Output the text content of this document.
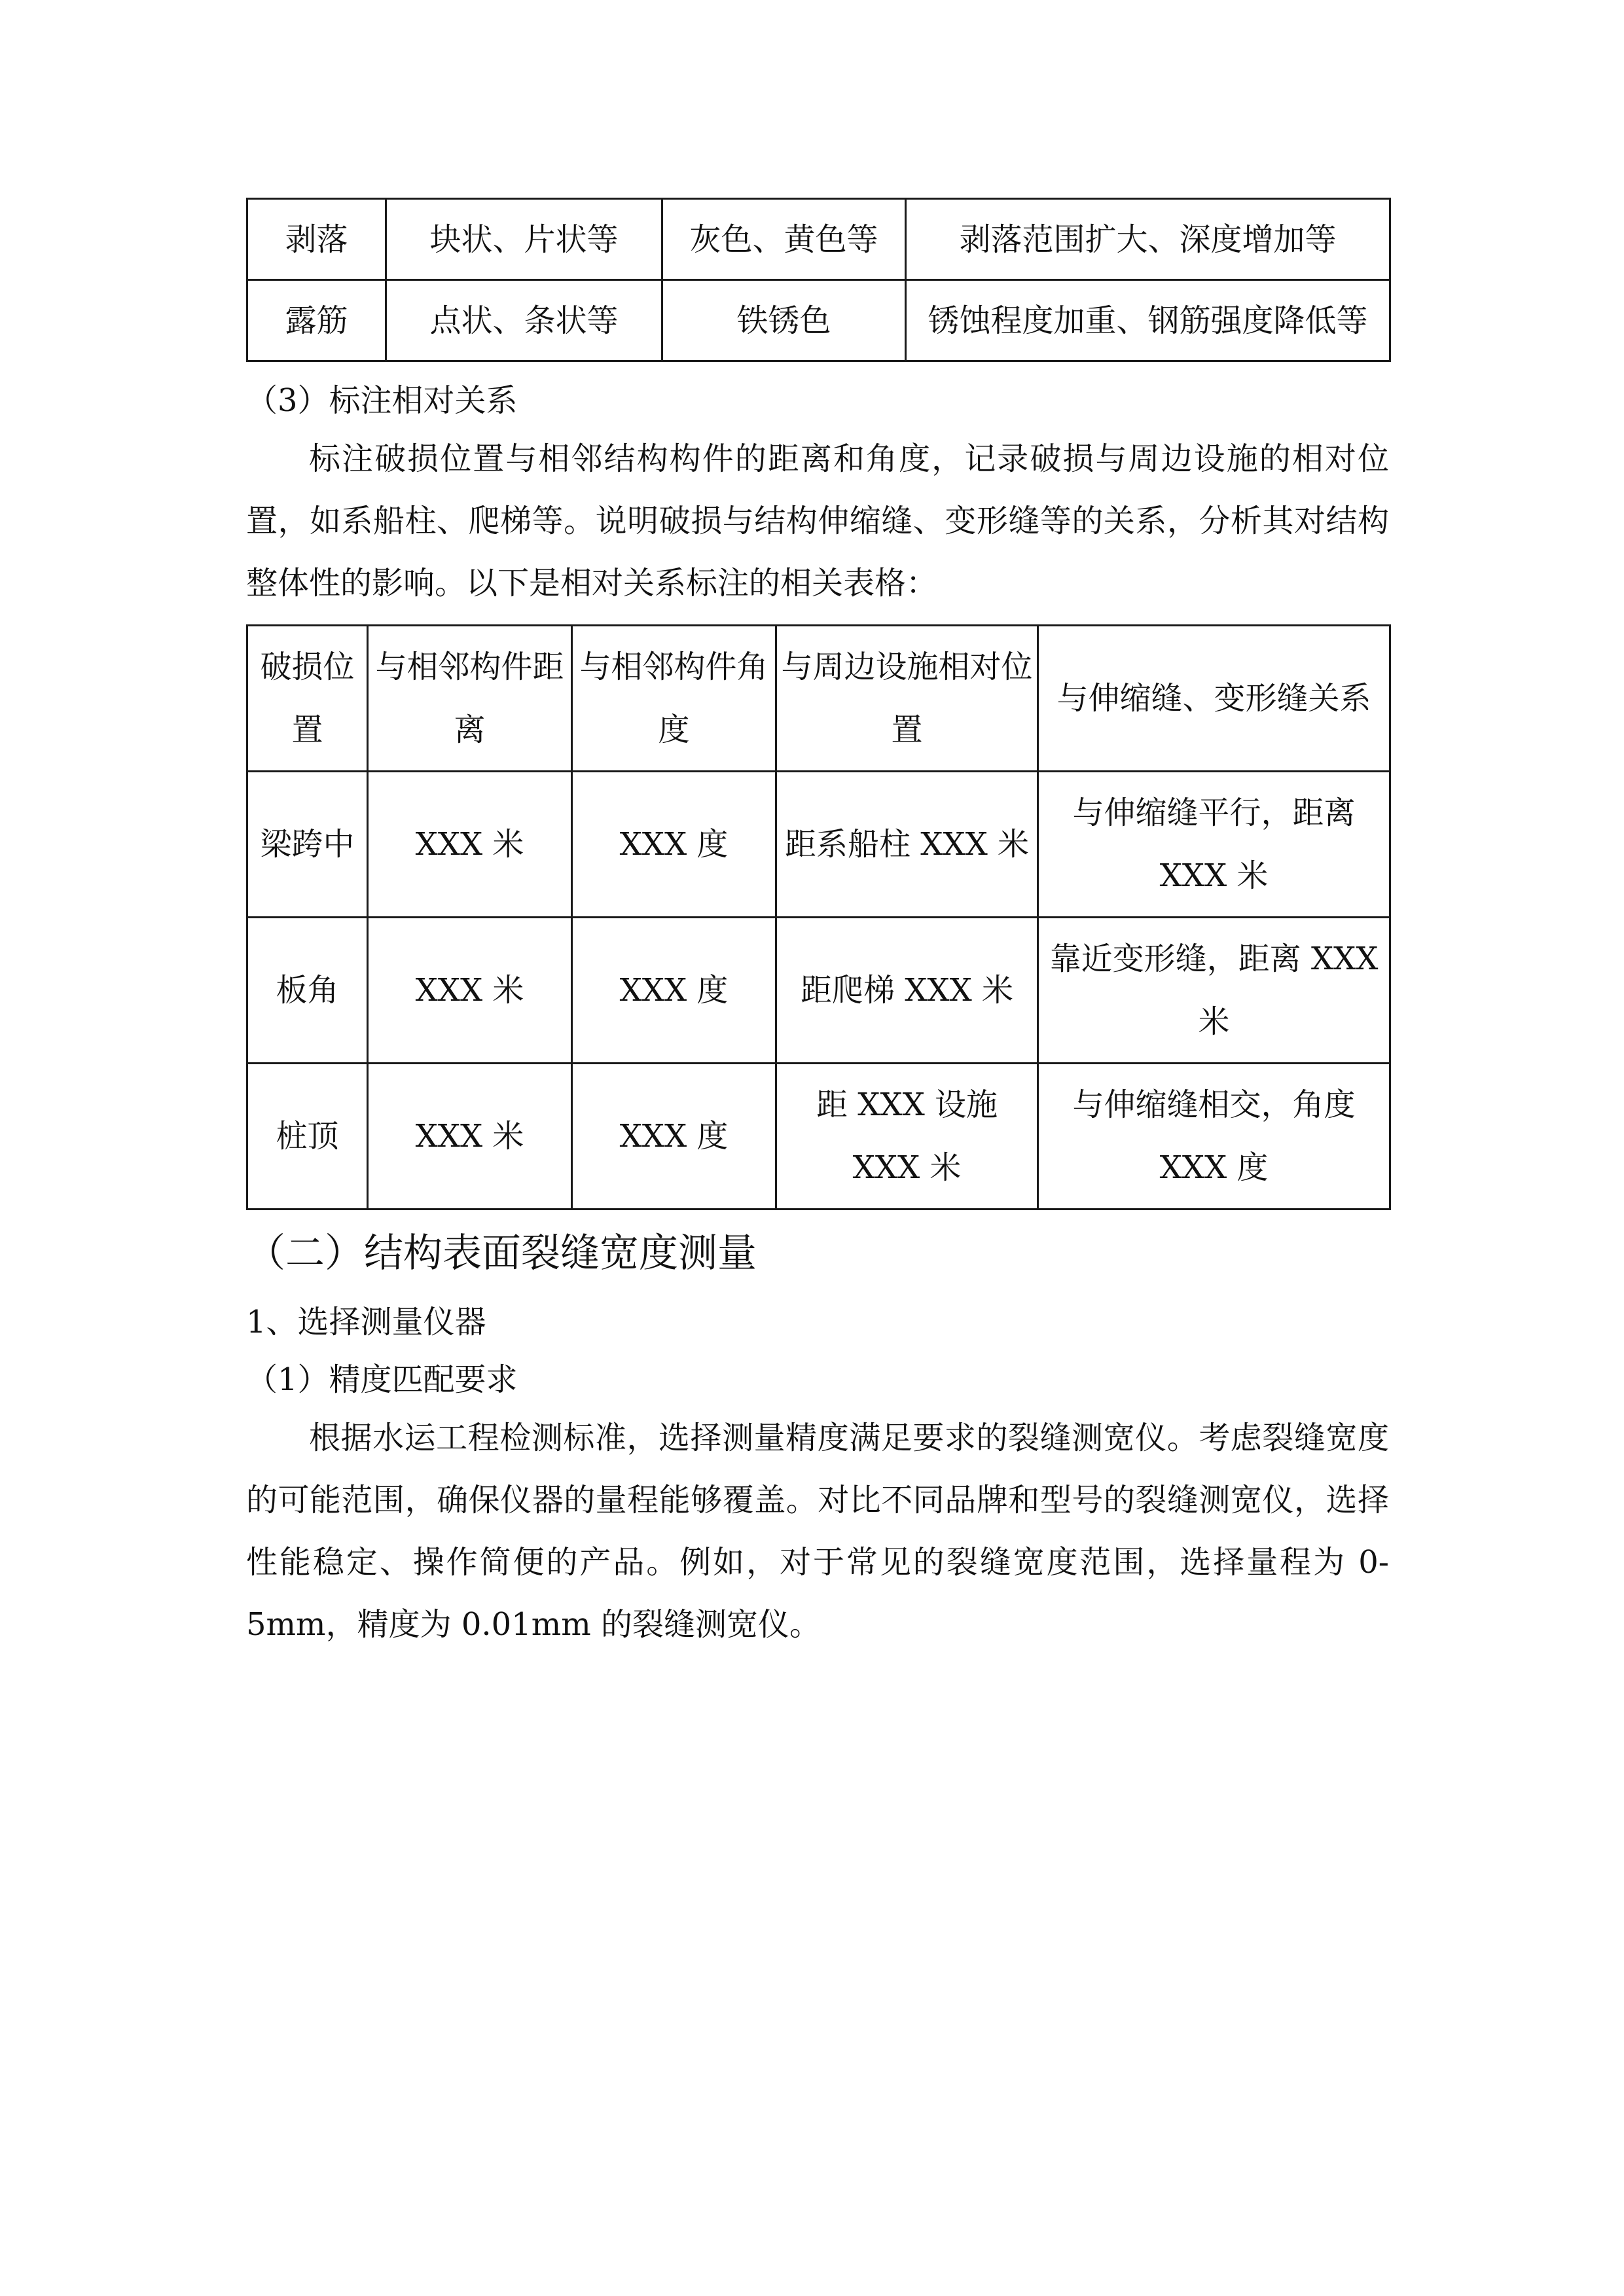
剥落	块状、片状等	灰色、黄色等	剥落范围扩大、深度增加等
露筋	点状、条状等	铁锈色	锈蚀程度加重、钢筋强度降低等

（3）标注相对关系

标注破损位置与相邻结构构件的距离和角度，记录破损与周边设施的相对位置，如系船柱、爬梯等。说明破损与结构伸缩缝、变形缝等的关系，分析其对结构整体性的影响。以下是相对关系标注的相关表格：

破损位置	与相邻构件距离	与相邻构件角度	与周边设施相对位置	与伸缩缝、变形缝关系
梁跨中	XXX 米	XXX 度	距系船柱 XXX 米	与伸缩缝平行，距离 XXX 米
板角	XXX 米	XXX 度	距爬梯 XXX 米	靠近变形缝，距离 XXX 米
桩顶	XXX 米	XXX 度	距 XXX 设施 XXX 米	与伸缩缝相交，角度 XXX 度

（二）结构表面裂缝宽度测量

1、选择测量仪器

（1）精度匹配要求

根据水运工程检测标准，选择测量精度满足要求的裂缝测宽仪。考虑裂缝宽度的可能范围，确保仪器的量程能够覆盖。对比不同品牌和型号的裂缝测宽仪，选择性能稳定、操作简便的产品。例如，对于常见的裂缝宽度范围，选择量程为 0-5mm，精度为 0.01mm 的裂缝测宽仪。
